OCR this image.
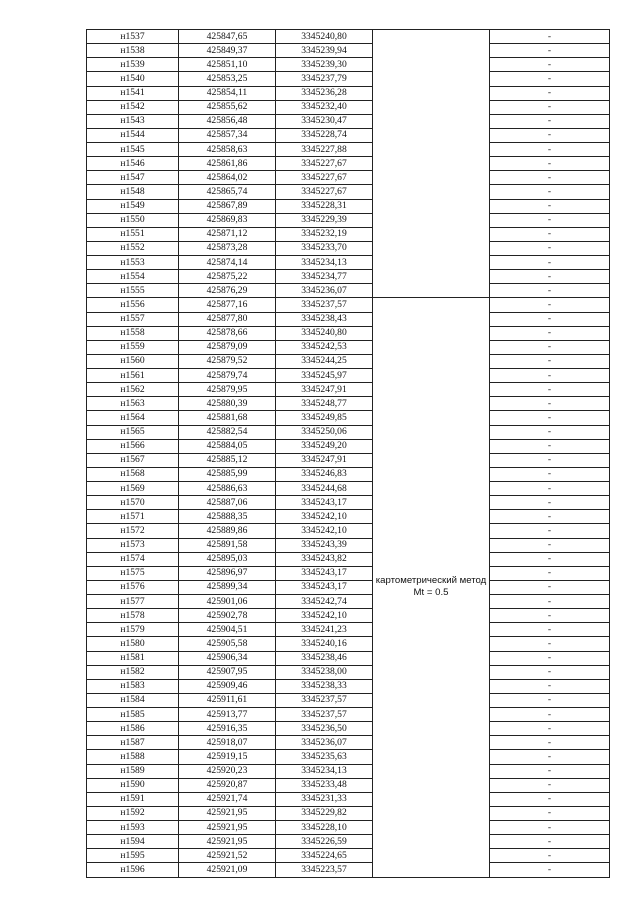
н1537	425847,65	3345240,80		-
н1538	425849,37	3345239,94		-
н1539	425851,10	3345239,30		-
н1540	425853,25	3345237,79		-
н1541	425854,11	3345236,28		-
н1542	425855,62	3345232,40		-
н1543	425856,48	3345230,47		-
н1544	425857,34	3345228,74		-
н1545	425858,63	3345227,88		-
н1546	425861,86	3345227,67		-
н1547	425864,02	3345227,67		-
н1548	425865,74	3345227,67		-
н1549	425867,89	3345228,31		-
н1550	425869,83	3345229,39		-
н1551	425871,12	3345232,19		-
н1552	425873,28	3345233,70		-
н1553	425874,14	3345234,13		-
н1554	425875,22	3345234,77		-
н1555	425876,29	3345236,07		-
н1556	425877,16	3345237,57	картометрический метод Mt = 0.5	-
н1557	425877,80	3345238,43		-
н1558	425878,66	3345240,80		-
н1559	425879,09	3345242,53		-
н1560	425879,52	3345244,25		-
н1561	425879,74	3345245,97		-
н1562	425879,95	3345247,91		-
н1563	425880,39	3345248,77		-
н1564	425881,68	3345249,85		-
н1565	425882,54	3345250,06		-
н1566	425884,05	3345249,20		-
н1567	425885,12	3345247,91		-
н1568	425885,99	3345246,83		-
н1569	425886,63	3345244,68		-
н1570	425887,06	3345243,17		-
н1571	425888,35	3345242,10		-
н1572	425889,86	3345242,10		-
н1573	425891,58	3345243,39		-
н1574	425895,03	3345243,82		-
н1575	425896,97	3345243,17		-
н1576	425899,34	3345243,17		-
н1577	425901,06	3345242,74		-
н1578	425902,78	3345242,10		-
н1579	425904,51	3345241,23		-
н1580	425905,58	3345240,16		-
н1581	425906,34	3345238,46		-
н1582	425907,95	3345238,00		-
н1583	425909,46	3345238,33		-
н1584	425911,61	3345237,57		-
н1585	425913,77	3345237,57		-
н1586	425916,35	3345236,50		-
н1587	425918,07	3345236,07		-
н1588	425919,15	3345235,63		-
н1589	425920,23	3345234,13		-
н1590	425920,87	3345233,48		-
н1591	425921,74	3345231,33		-
н1592	425921,95	3345229,82		-
н1593	425921,95	3345228,10		-
н1594	425921,95	3345226,59		-
н1595	425921,52	3345224,65		-
н1596	425921,09	3345223,57		-
